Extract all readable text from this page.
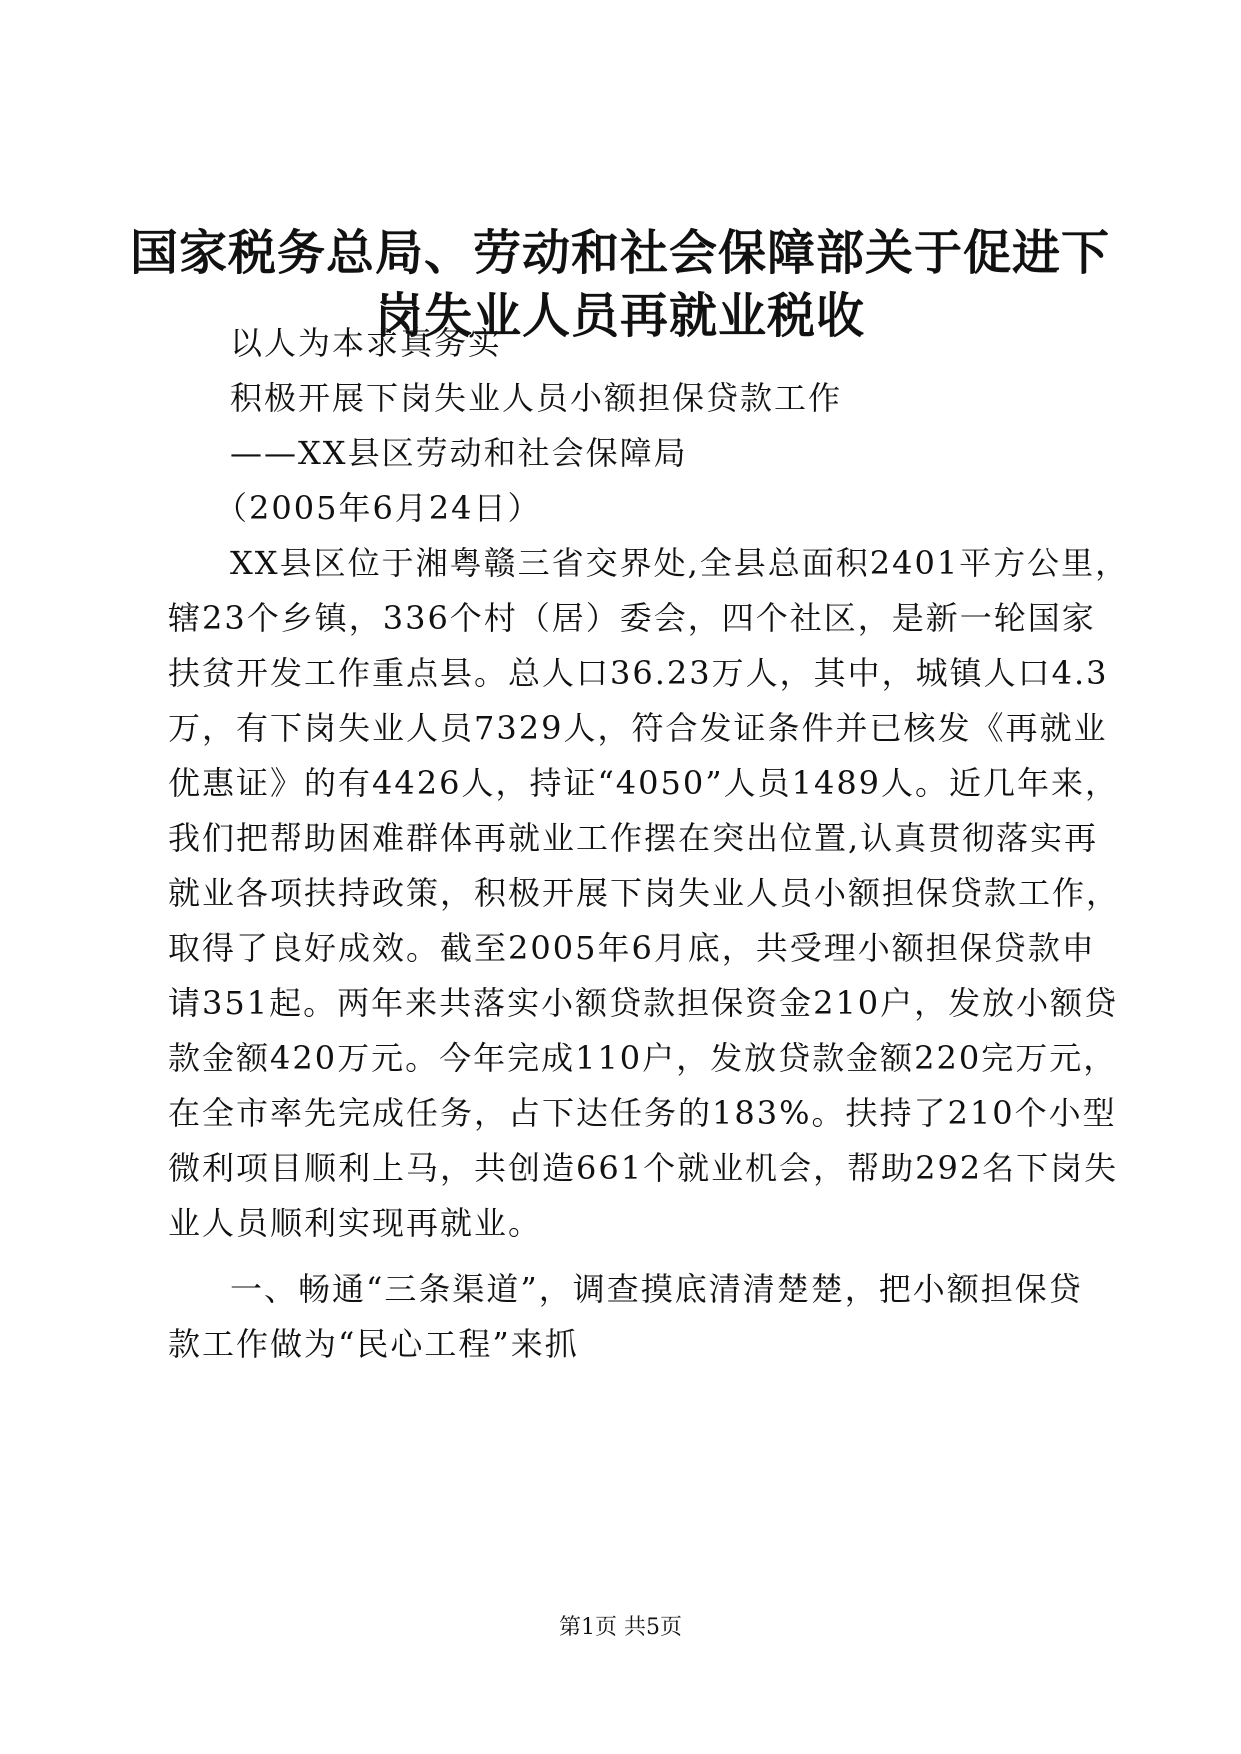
国家税务总局、劳动和社会保障部关于促进下
岗失业人员再就业税收
以人为本求真务实
积极开展下岗失业人员小额担保贷款工作
——XX县区劳动和社会保障局
（2005年6月24日）
XX县区位于湘粤赣三省交界处,全县总面积2401平方公里，
辖23个乡镇，336个村（居）委会，四个社区，是新一轮国家
扶贫开发工作重点县。总人口36.23万人，其中，城镇人口4.3
万，有下岗失业人员7329人，符合发证条件并已核发《再就业
优惠证》的有4426人，持证“4050”人员1489人。近几年来，
我们把帮助困难群体再就业工作摆在突出位置,认真贯彻落实再
就业各项扶持政策，积极开展下岗失业人员小额担保贷款工作，
取得了良好成效。截至2005年6月底，共受理小额担保贷款申
请351起。两年来共落实小额贷款担保资金210户，发放小额贷
款金额420万元。今年完成110户，发放贷款金额220完万元，
在全市率先完成任务，占下达任务的183%。扶持了210个小型
微利项目顺利上马，共创造661个就业机会，帮助292名下岗失
业人员顺利实现再就业。
一、畅通“三条渠道”，调查摸底清清楚楚，把小额担保贷
款工作做为“民心工程”来抓
第1页 共5页
